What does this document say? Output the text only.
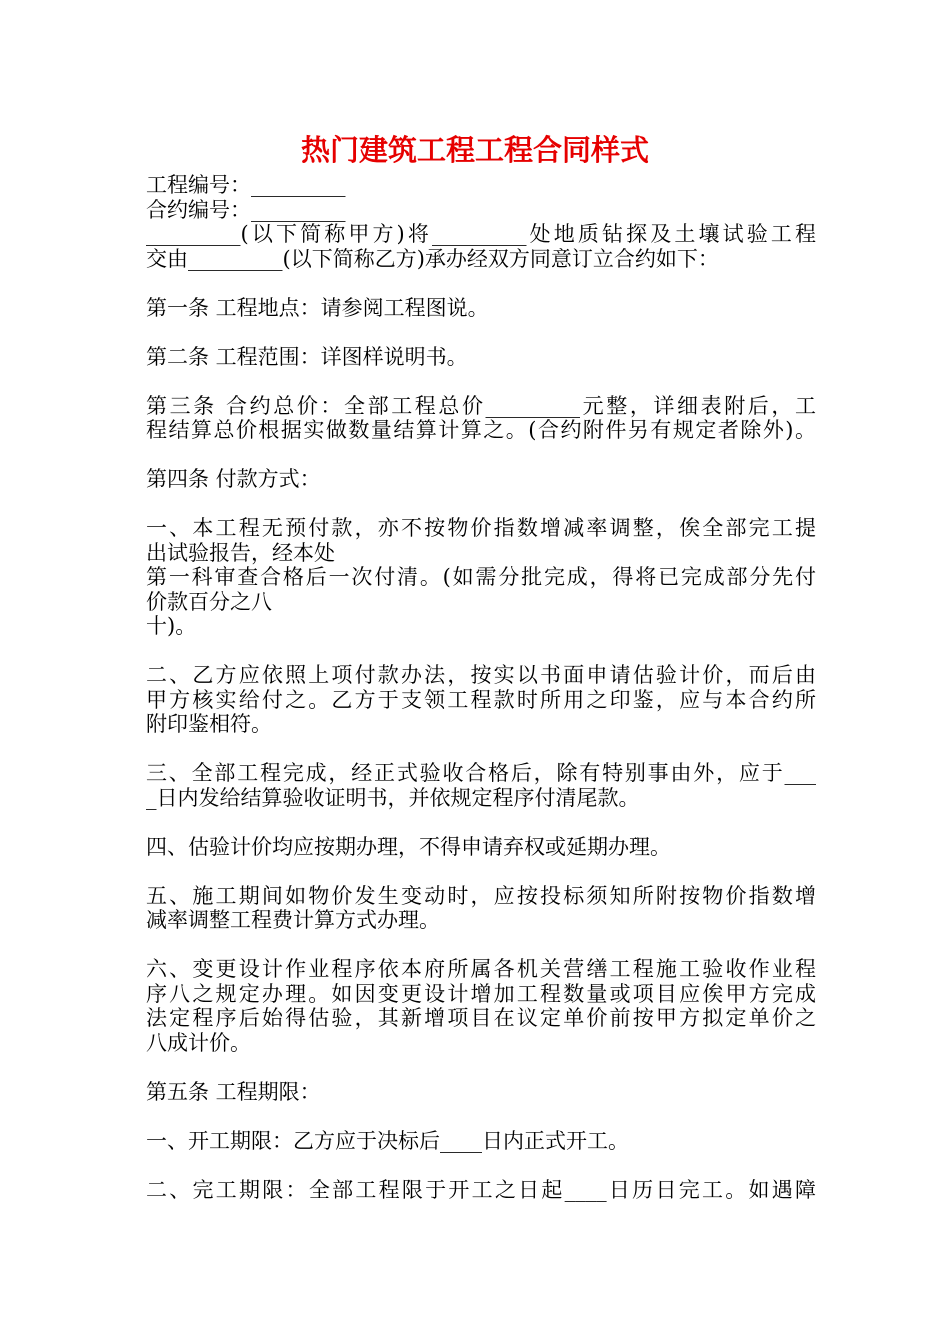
热门建筑工程工程合同样式
工程编号：_________
合约编号：_________
_________(以下简称甲方)将_________处地质钻探及土壤试验工程
交由_________(以下简称乙方)承办经双方同意订立合约如下：
第一条 工程地点：请参阅工程图说。
第二条 工程范围：详图样说明书。
第三条 合约总价：全部工程总价_________元整，详细表附后，工
程结算总价根据实做数量结算计算之。(合约附件另有规定者除外)。
第四条 付款方式：
一、本工程无预付款，亦不按物价指数增减率调整，俟全部完工提
出试验报告，经本处
第一科审查合格后一次付清。(如需分批完成，得将已完成部分先付
价款百分之八
十)。
二、乙方应依照上项付款办法，按实以书面申请估验计价，而后由
甲方核实给付之。乙方于支领工程款时所用之印鉴，应与本合约所
附印鉴相符。
三、全部工程完成，经正式验收合格后，除有特别事由外，应于___
_日内发给结算验收证明书，并依规定程序付清尾款。
四、估验计价均应按期办理，不得申请弃权或延期办理。
五、施工期间如物价发生变动时，应按投标须知所附按物价指数增
减率调整工程费计算方式办理。
六、变更设计作业程序依本府所属各机关营缮工程施工验收作业程
序八之规定办理。如因变更设计增加工程数量或项目应俟甲方完成
法定程序后始得估验，其新增项目在议定单价前按甲方拟定单价之
八成计价。
第五条 工程期限：
一、开工期限：乙方应于决标后____日内正式开工。
二、完工期限：全部工程限于开工之日起____日历日完工。如遇障
